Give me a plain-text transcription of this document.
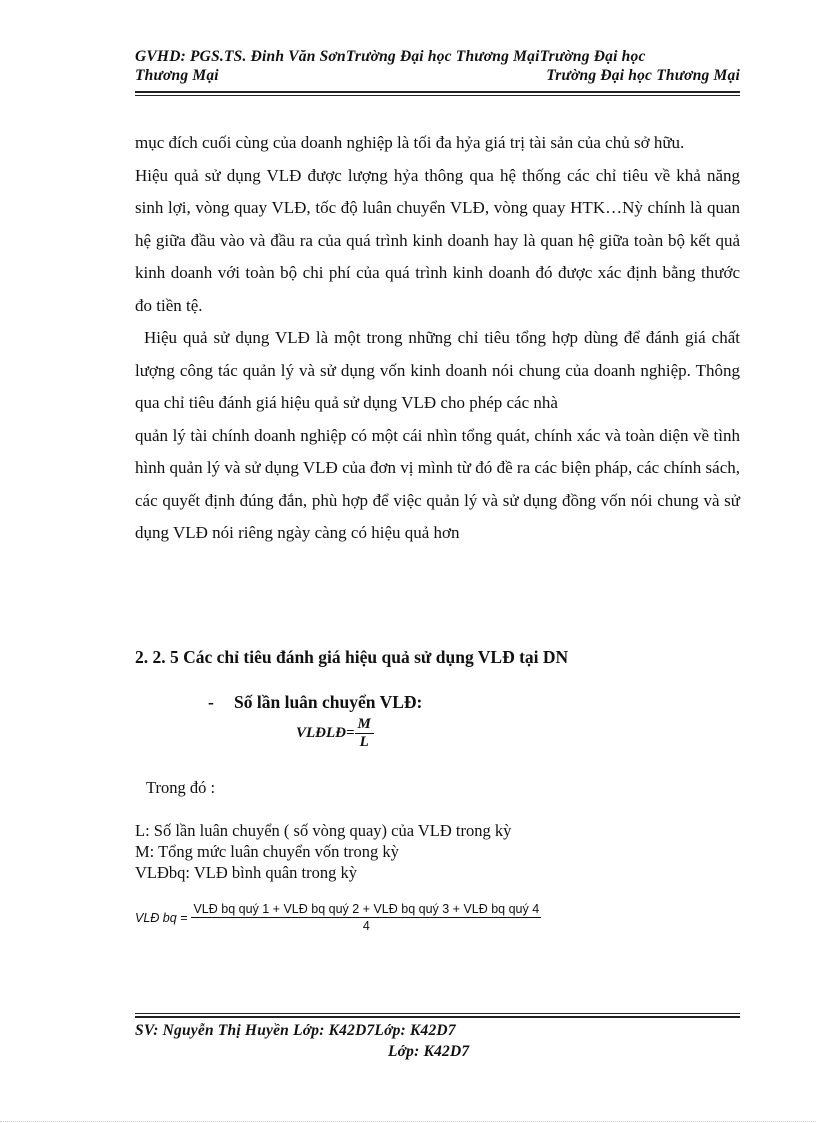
GVHD: PGS.TS. Đinh Văn SơnTrường Đại học Thương MạiTrường Đại học
Thương Mại	Trường Đại học Thương Mại

mục đích cuối cùng của doanh nghiệp là tối đa hỷa giá trị tài sản của chủ sở hữu.

Hiệu quả sử dụng VLĐ được lượng hỷa thông qua hệ thống các chỉ tiêu về khả năng sinh lợi, vòng quay VLĐ, tốc độ luân chuyển VLĐ, vòng quay HTK…Nỳ chính là quan hệ giữa đầu vào và đầu ra của quá trình kinh doanh hay là quan hệ giữa toàn bộ kết quả kinh doanh với toàn bộ chi phí của quá trình kinh doanh đó được xác định bằng thước đo tiền tệ.

Hiệu quả sử dụng VLĐ là một trong những chỉ tiêu tổng hợp dùng để đánh giá chất lượng công tác quản lý và sử dụng vốn kinh doanh nói chung của doanh nghiệp. Thông qua chỉ tiêu đánh giá hiệu quả sử dụng VLĐ cho phép các nhà

quản lý tài chính doanh nghiệp có một cái nhìn tổng quát, chính xác và toàn diện về tình hình quản lý và sử dụng VLĐ của đơn vị mình từ đó đề ra các biện pháp, các chính sách, các quyết định đúng đắn, phù hợp để việc quản lý và sử dụng đồng vốn nói chung và sử dụng VLĐ nói riêng ngày càng có hiệu quả hơn

2. 2. 5 Các chỉ tiêu đánh giá hiệu quả sử dụng VLĐ tại DN
- Số lần luân chuyển VLĐ:
VLĐLĐ= $\frac{M}{L}$
Trong đó :
L: Số lần luân chuyển ( số vòng quay) của VLĐ trong kỳ
M: Tổng mức luân chuyển vốn trong kỳ
VLĐbq: VLĐ bình quân trong kỳ
VLĐ bq = $\frac{\text{VLĐ bq quý 1 + VLĐ bq quý 2 + VLĐ bq quý 3 + VLĐ bq quý 4}}{4}$
SV: Nguyễn Thị Huyền Lớp: K42D7Lớp: K42D7
Lớp: K42D7
